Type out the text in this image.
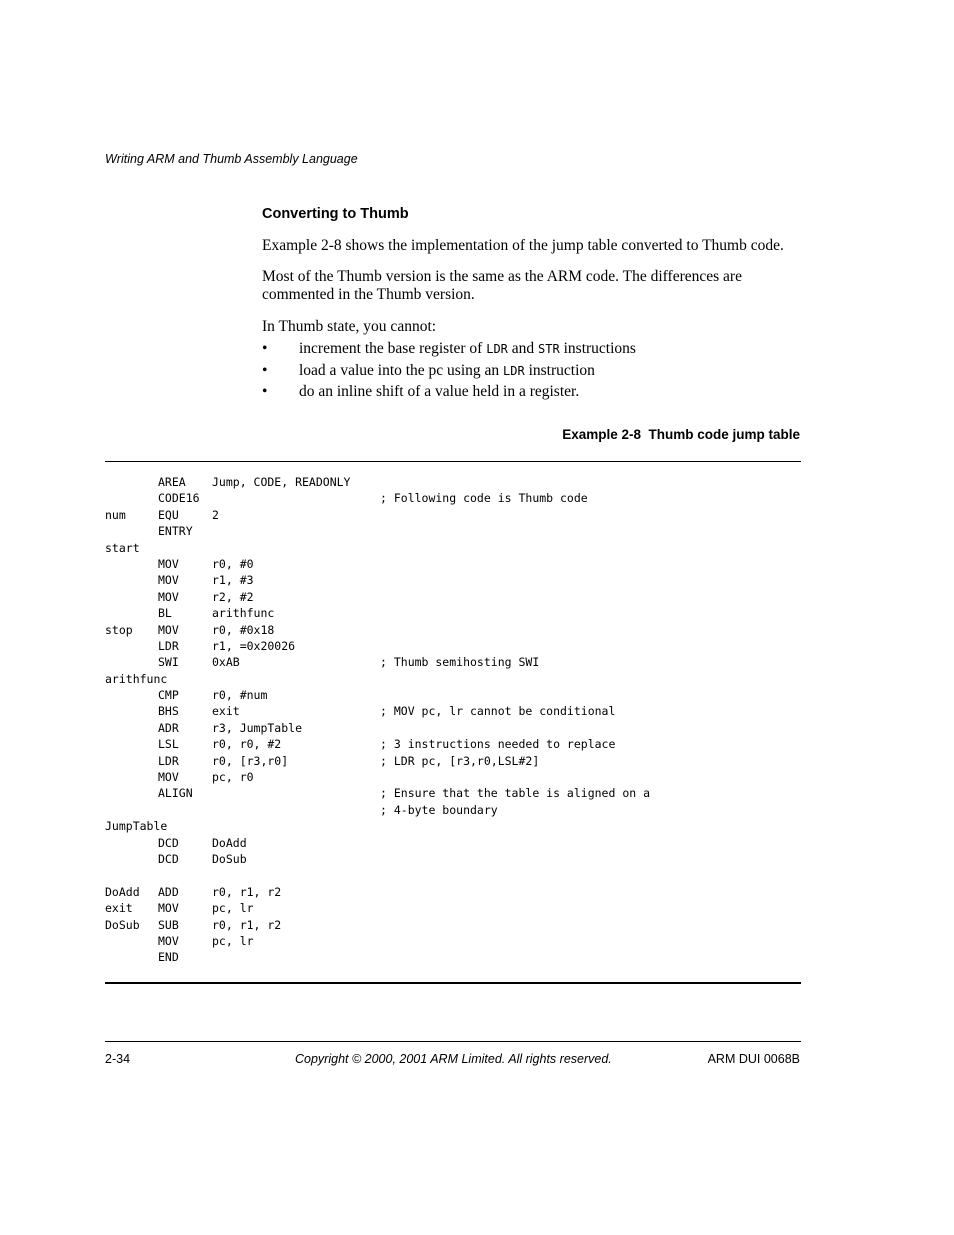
Writing ARM and Thumb Assembly Language
Converting to Thumb

Example 2-8 shows the implementation of the jump table converted to Thumb code.

Most of the Thumb version is the same as the ARM code. The differences are commented in the Thumb version.

In Thumb state, you cannot:

• increment the base register of LDR and STR instructions
• load a value into the pc using an LDR instruction
• do an inline shift of a value held in a register.
Example 2-8  Thumb code jump table
AREA Jump, CODE, READONLY
CODE16	; Following code is Thumb code
num	EQU	2
ENTRY
start
MOV	r0, #0
MOV	r1, #3
MOV	r2, #2
BL	arithfunc
stop MOV	r0, #0x18
LDR	r1, =0x20026
SWI	0xAB	; Thumb semihosting SWI
arithfunc
CMP	r0, #num
BHS	exit	; MOV pc, lr cannot be conditional
ADR	r3, JumpTable
LSL	r0, r0, #2	; 3 instructions needed to replace
LDR	r0, [r3,r0]	; LDR pc, [r3,r0,LSL#2]
MOV	pc, r0
ALIGN	; Ensure that the table is aligned on a
; 4-byte boundary
JumpTable
DCD	DoAdd
DCD	DoSub
DoAdd ADD	r0, r1, r2
exit MOV	pc, lr
DoSub SUB	r0, r1, r2
MOV	pc, lr
END
2-34	Copyright © 2000, 2001 ARM Limited. All rights reserved.	ARM DUI 0068B
